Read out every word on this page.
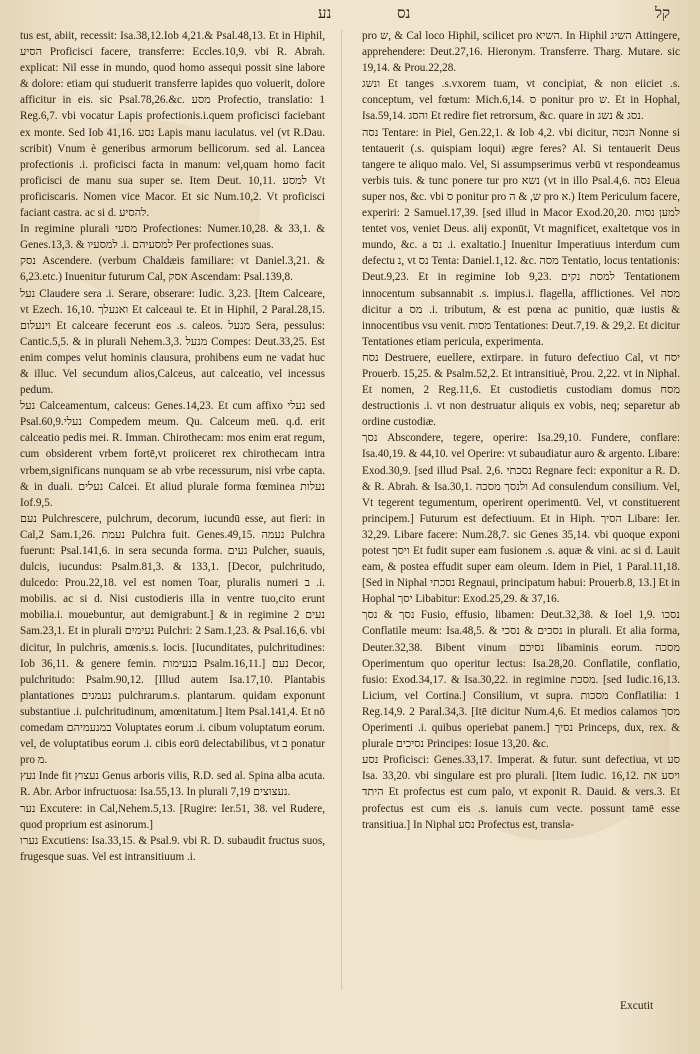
נע	נס	קל

tus est, abiit, recessit: Isa.38,12.Iob 4,21.& Psal.48,13. Et in Hiphil, הסיע Proficisci facere, transferre: Eccles.10,9. vbi R. Abrah. explicat: Nil esse in mundo, quod homo assequi possit sine labore & dolore: etiam qui studuerit transferre lapides quo voluerit, dolore afficitur in eis. sic Psal.78,26.&c. מסע Profectio, translatio: 1 Reg.6,7. vbi vocatur Lapis profectionis.i.quem proficisci faciebant ex monte. Sed Iob 41,16. נסע Lapis manu iaculatus. vel (vt R.Dau. scribit) Vnum è generibus armorum bellicorum. sed al. Lancea profectionis .i. proficisci facta in manum: vel,quam homo facit proficisci de manu sua super se. Item Deut. 10,11. למסע Vt proficiscaris. Nomen vice Macor. Et sic Num.10,2. Vt proficisci faciant castra. ac si d. להסיע.

In regimine plurali מסעי Profectiones: Numer.10,28. & 33,1. & Genes.13,3. & למסעיו .i. למסעיהם Per profectiones suas.

נסק Ascendere. (verbum Chaldæis familiare: vt Daniel.3,21. & 6,23.etc.) Inuenitur futurum Cal, אסק Ascendam: Psal.139,8.

נעל Claudere sera .i. Serare, obserare: Iudic. 3,23. [Item Calceare, vt Ezech. 16,10. ואנעלך Et calceaui te. Et in Hiphil, 2 Paral.28,15. וינעלום Et calceare fecerunt eos .s. caleos. מנעל Sera, pessulus: Cantic.5,5. & in plurali Nehem.3,3. מנעל Compes: Deut.33,25. Est enim compes velut hominis clausura, prohibens eum ne vadat huc & illuc. Vel secundum alios,Calceus, aut calceatio, vel incessus pedum.

נעל Calceamentum, calceus: Genes.14,23. Et cum affixo נעלי sed Psal.60,9.נעלי Compedem meum. Qu. Calceum meū. q.d. erit calceatio pedis mei. R. Imman. Chirothecam: mos enim erat regum, cum obsiderent vrbem fortē,vt proiiceret rex chirothecam intra vrbem,significans nunquam se ab vrbe recessurum, nisi vrbe capta. & in duali. נעלים Calcei. Et aliud plurale forma fœminea נעלות Iof.9,5.

נעם Pulchrescere, pulchrum, decorum, iucundū esse, aut fieri: in Cal,2 Sam.1,26. נעמת Pulchra fuit. Genes.49,15. נעמה Pulchra fuerunt: Psal.141,6. in sera secunda forma. נעים Pulcher, suauis, dulcis, iucundus: Psalm.81,3. & 133,1. [Decor, pulchritudo, dulcedo: Prou.22,18. vel est nomen Toar, pluralis numeri ב .i. mobilis. ac si d. Nisi custodieris illa in ventre tuo,cito erunt mobilia.i. mouebuntur, aut demigrabunt.] & in regimine נעים 2 Sam.23,1. Et in plurali נעימים Pulchri: 2 Sam.1,23. & Psal.16,6. vbi dicitur, In pulchris, amœnis.s. locis. [Iucunditates, pulchritudines: Iob 36,11. & genere femin. בנעימות Psalm.16,11.] נעם Decor, pulchritudo: Psalm.90,12. [Illud autem Isa.17,10. Plantabis plantationes נעמנים pulchrarum.s. plantarum. quidam exponunt substantiue .i. pulchritudinum, amœnitatum.] Item Psal.141,4. Et nō comedam במנעמיהם Voluptates eorum .i. cibum voluptatum eorum. vel, de voluptatibus eorum .i. cibis eorū delectabilibus, vt ב ponatur pro מ.

נעץ Inde fit נעצוץ Genus arboris vilis, R.D. sed al. Spina alba acuta. R. Abr. Arbor infructuosa: Isa.55,13. In plurali נעצוצים 7,19.

נער Excutere: in Cal,Nehem.5,13. [Rugire: Ier.51, 38. vel Rudere, quod proprium est asinorum.]

נערו Excutiens: Isa.33,15. & Psal.9. vbi R. D. subaudit fructus suos, frugesque suas. Vel est intransitiuum .i.

pro ש, & Cal loco Hiphil, scilicet pro השיא. In Hiphil השיג Attingere, apprehendere: Deut.27,16. Hieronym. Transferre. Tharg. Mutare. sic 19,14. & Prou.22,28.

ונשג Et tanges .s.vxorem tuam, vt concipiat, & non eiiciet .s. conceptum, vel fœtum: Mich.6,14. ס ponitur pro ש. Et in Hophal, Isa.59,14. והסג Et redire fiet retrorsum, &c. quare in נסג & נשג.

נסה Tentare: in Piel, Gen.22,1. & Iob 4,2. vbi dicitur, הנסה Nonne si tentauerit (.s. quispiam loqui) ægre feres? Al. Si tentauerit Deus tangere te aliquo malo. Vel, Si assumpserimus verbū vt respondeamus verbis tuis. & tunc ponere tur pro נשא (vt in illo Psal.4,6. נסה Eleua super nos, &c. vbi ס ponitur pro ש, & ה pro א.) Item Periculum facere, experiri: 2 Samuel.17,39. [sed illud in Macor Exod.20,20. למען נסות tentet vos, veniet Deus. alij exponūt, Vt magnificet, exaltetque vos in mundo, &c. a נס .i. exaltatio.] Inuenitur Imperatiuus interdum cum defectu נ, vt נס Tenta: Daniel.1,12. &c. מסה Tentatio, locus tentationis: Deut.9,23. Et in regimine Iob 9,23. למסת נקים Tentationem innocentum subsannabit .s. impius.i. flagella, afflictiones. Vel מסה dicitur a מס .i. tributum, & est pœna ac punitio, quæ iustis & innocentibus vsu venit. מסות Tentationes: Deut.7,19. & 29,2. Et dicitur Tentationes etiam pericula, experimenta.

נסח Destruere, euellere, extirpare. in futuro defectiuo Cal, vt יסח Prouerb. 15,25. & Psalm.52,2. Et intransitiuè, Prou. 2,22. vt in Niphal. Et nomen, 2 Reg.11,6. Et custodietis custodiam domus מסח destructionis .i. vt non destruatur aliquis ex vobis, neq; separetur ab ordine custodiæ.

נסך Abscondere, tegere, operire: Isa.29,10. Fundere, conflare: Isa.40,19. & 44,10. vel Operire: vt subaudiatur auro & argento. Libare: Exod.30,9. [sed illud Psal. 2,6. נסכתי Regnare feci: exponitur a R. D. & R. Abrah. & Isa.30,1. ולנסך מסכה Ad consulendum consilium. Vel, Vt tegerent tegumentum, operirent operimentū. Vel, vt constituerent principem.] Futurum est defectiuum. Et in Hiph. הסיך Libare: Ier. 32,29. Libare facere: Num.28,7. sic Genes 35,14. vbi quoque exponi potest ויסך Et fudit super eam fusionem .s. aquæ & vini. ac si d. Lauit eam, & postea effudit super eam oleum. Idem in Piel, 1 Paral.11,18. [Sed in Niphal נסכתי Regnaui, principatum habui: Prouerb.8, 13.] Et in Hophal יסך Libabitur: Exod.25,29. & 37,16.

נסך & נסך Fusio, effusio, libamen: Deut.32,38. & Ioel 1,9. נסכו Conflatile meum: Isa.48,5. & נסכים & נסכי in plurali. Et alia forma, Deuter.32,38. Bibent vinum נסיכם libaminis eorum. מסכה Operimentum quo operitur lectus: Isa.28,20. Conflatile, conflatio, fusio: Exod.34,17. & Isa.30,22. in regimine מסכת. [sed Iudic.16,13. Licium, vel Cortina.] Consilium, vt supra. מסכות Conflatilia: 1 Reg.14,9. 2 Paral.34,3. [Itē dicitur Num.4,6. Et medios calamos מסך Operimenti .i. quibus operiebat panem.] נסיך Princeps, dux, rex. & plurale נסיכים Principes: Iosue 13,20. &c.

נסע Proficisci: Genes.33,17. Imperat. & futur. sunt defectiua, vt סע Isa. 33,20. vbi singulare est pro plurali. [Item Iudic. 16,12. ויסע את היתד Et profectus est cum palo, vt exponit R. Dauid. & vers.3. Et profectus est cum eis .s. ianuis cum vecte. possunt tamē esse transitiua.] In Niphal נסע Profectus est, transla-

Excutit
